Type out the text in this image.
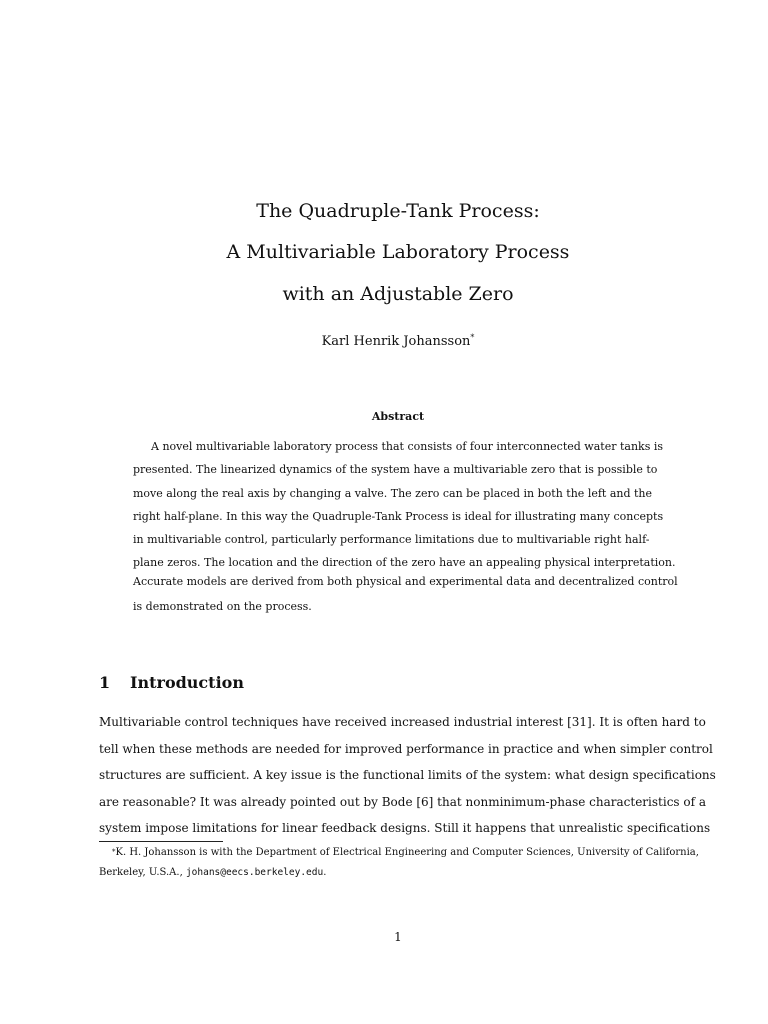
The Quadruple-Tank Process:
A Multivariable Laboratory Process
with an Adjustable Zero
Karl Henrik Johansson*
Abstract
A novel multivariable laboratory process that consists of four interconnected water tanks is
presented. The linearized dynamics of the system have a multivariable zero that is possible to
move along the real axis by changing a valve. The zero can be placed in both the left and the
right half-plane. In this way the Quadruple-Tank Process is ideal for illustrating many concepts
in multivariable control, particularly performance limitations due to multivariable right half-
plane zeros. The location and the direction of the zero have an appealing physical interpretation.
Accurate models are derived from both physical and experimental data and decentralized control
is demonstrated on the process.
1 Introduction
Multivariable control techniques have received increased industrial interest [31]. It is often hard to
tell when these methods are needed for improved performance in practice and when simpler control
structures are sufficient. A key issue is the functional limits of the system: what design specifications
are reasonable? It was already pointed out by Bode [6] that nonminimum-phase characteristics of a
system impose limitations for linear feedback designs. Still it happens that unrealistic specifications
*K. H. Johansson is with the Department of Electrical Engineering and Computer Sciences, University of California,
Berkeley, U.S.A., johans@eecs.berkeley.edu.
1
